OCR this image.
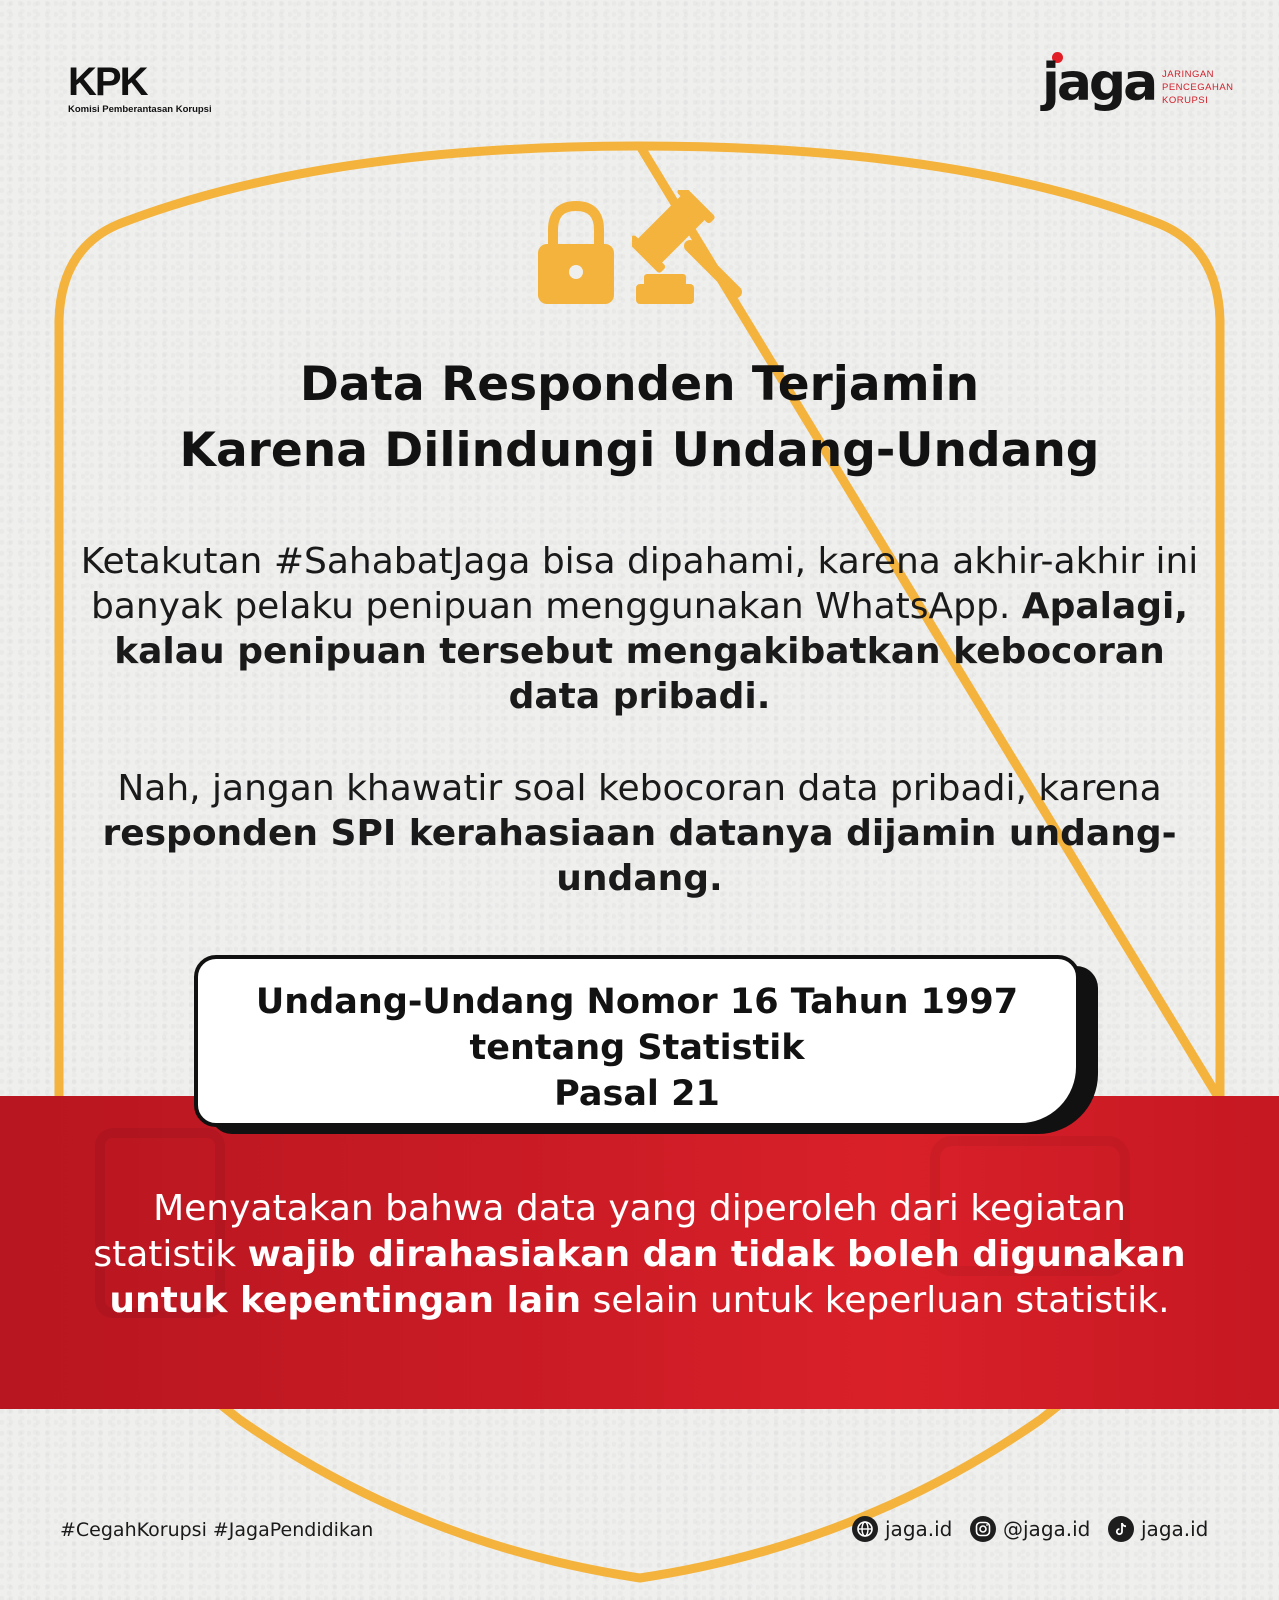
KPK
Komisi Pemberantasan Korupsi	jaga JARINGAN
PENCEGAHAN
KORUPSI
Data Responden Terjamin
Karena Dilindungi Undang-Undang
Ketakutan #SahabatJaga bisa dipahami, karena akhir-akhir ini banyak pelaku penipuan menggunakan WhatsApp. Apalagi, kalau penipuan tersebut mengakibatkan kebocoran data pribadi.
Nah, jangan khawatir soal kebocoran data pribadi, karena responden SPI kerahasiaan datanya dijamin undang-undang.
Undang-Undang Nomor 16 Tahun 1997
tentang Statistik
Pasal 21
Menyatakan bahwa data yang diperoleh dari kegiatan statistik wajib dirahasiakan dan tidak boleh digunakan untuk kepentingan lain selain untuk keperluan statistik.
#CegahKorupsi #JagaPendidikan	jaga.id	@jaga.id	jaga.id
